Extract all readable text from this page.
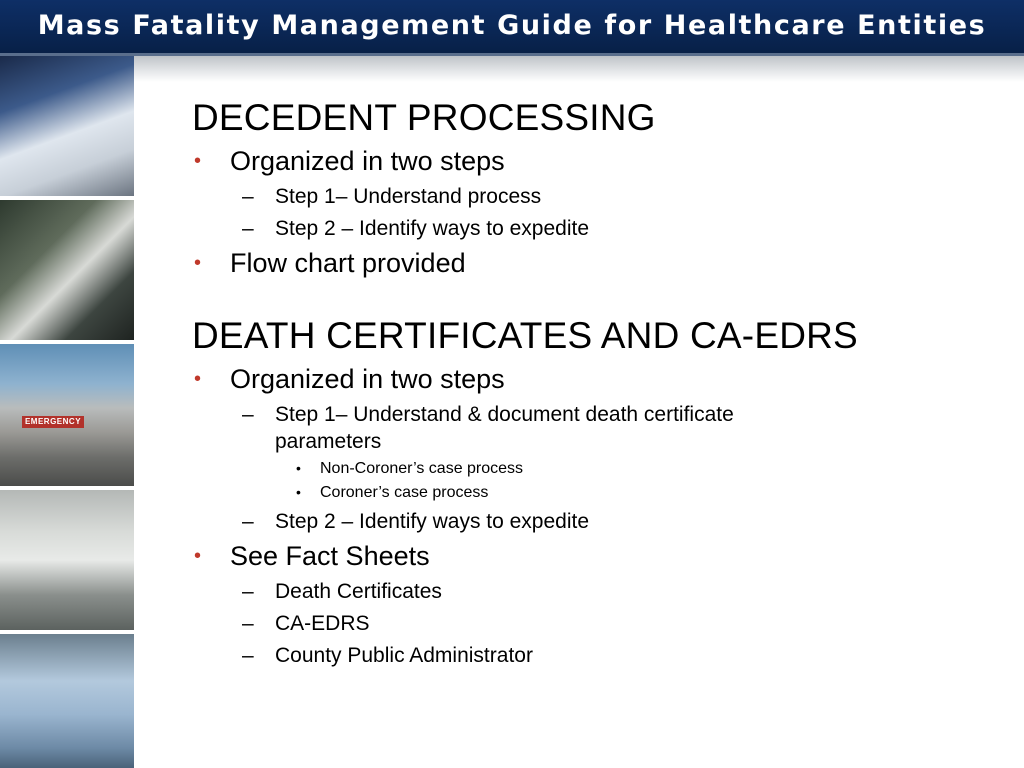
Mass Fatality Management Guide for Healthcare Entities
EMERGENCY
DECEDENT PROCESSING
• Organized in two steps
– Step 1– Understand process
– Step 2 – Identify ways to expedite
• Flow chart provided
DEATH CERTIFICATES AND CA-EDRS
• Organized in two steps
– Step 1– Understand & document death certificate parameters
• Non-Coroner’s case process
• Coroner’s case process
– Step 2 – Identify ways to expedite
• See Fact Sheets
– Death Certificates
– CA-EDRS
– County Public Administrator
